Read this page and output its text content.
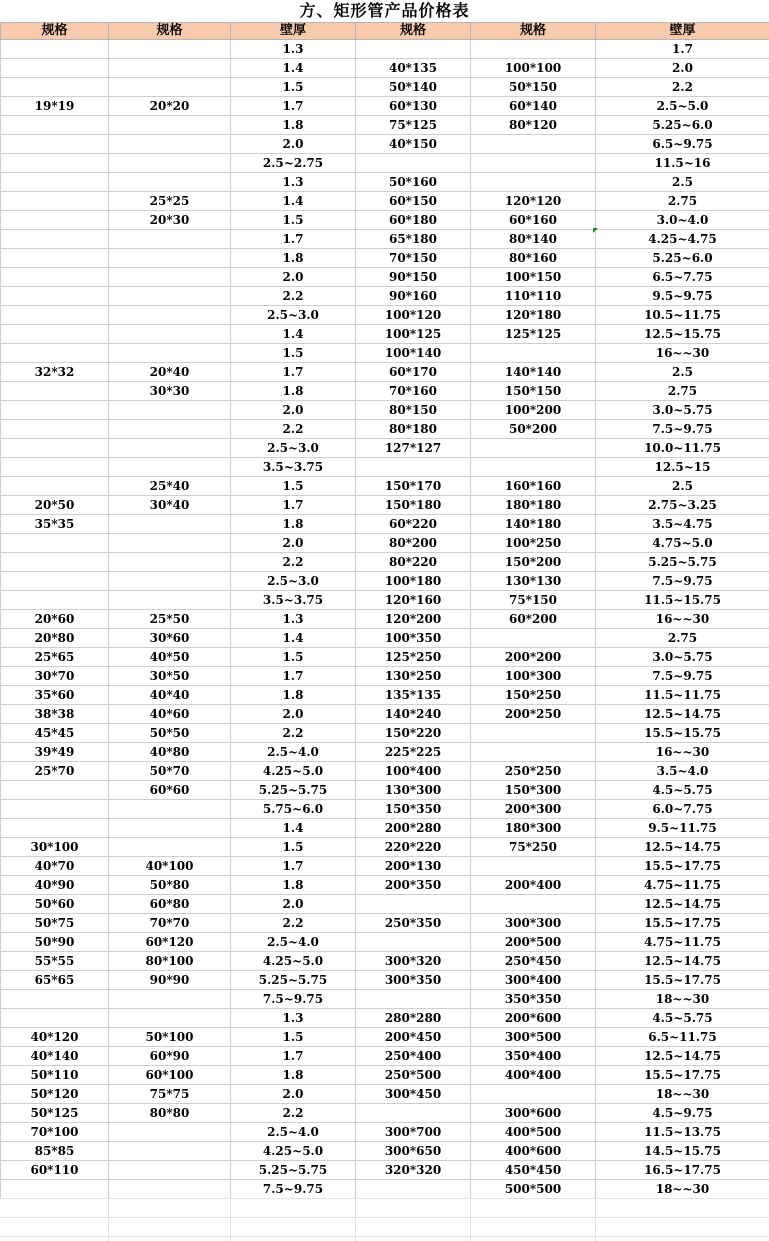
方、矩形管产品价格表
规格	规格	壁厚	规格	规格	壁厚
		1.3			1.7
		1.4	40*135	100*100	2.0
		1.5	50*140	50*150	2.2
19*19	20*20	1.7	60*130	60*140	2.5~5.0
		1.8	75*125	80*120	5.25~6.0
		2.0	40*150		6.5~9.75
		2.5~2.75			11.5~16
		1.3	50*160		2.5
	25*25	1.4	60*150	120*120	2.75
	20*30	1.5	60*180	60*160	3.0~4.0
		1.7	65*180	80*140	4.25~4.75
		1.8	70*150	80*160	5.25~6.0
		2.0	90*150	100*150	6.5~7.75
		2.2	90*160	110*110	9.5~9.75
		2.5~3.0	100*120	120*180	10.5~11.75
		1.4	100*125	125*125	12.5~15.75
		1.5	100*140		16~~30
32*32	20*40	1.7	60*170	140*140	2.5
	30*30	1.8	70*160	150*150	2.75
		2.0	80*150	100*200	3.0~5.75
		2.2	80*180	50*200	7.5~9.75
		2.5~3.0	127*127		10.0~11.75
		3.5~3.75			12.5~15
	25*40	1.5	150*170	160*160	2.5
20*50	30*40	1.7	150*180	180*180	2.75~3.25
35*35		1.8	60*220	140*180	3.5~4.75
		2.0	80*200	100*250	4.75~5.0
		2.2	80*220	150*200	5.25~5.75
		2.5~3.0	100*180	130*130	7.5~9.75
		3.5~3.75	120*160	75*150	11.5~15.75
20*60	25*50	1.3	120*200	60*200	16~~30
20*80	30*60	1.4	100*350		2.75
25*65	40*50	1.5	125*250	200*200	3.0~5.75
30*70	30*50	1.7	130*250	100*300	7.5~9.75
35*60	40*40	1.8	135*135	150*250	11.5~11.75
38*38	40*60	2.0	140*240	200*250	12.5~14.75
45*45	50*50	2.2	150*220		15.5~15.75
39*49	40*80	2.5~4.0	225*225		16~~30
25*70	50*70	4.25~5.0	100*400	250*250	3.5~4.0
	60*60	5.25~5.75	130*300	150*300	4.5~5.75
		5.75~6.0	150*350	200*300	6.0~7.75
		1.4	200*280	180*300	9.5~11.75
30*100		1.5	220*220	75*250	12.5~14.75
40*70	40*100	1.7	200*130		15.5~17.75
40*90	50*80	1.8	200*350	200*400	4.75~11.75
50*60	60*80	2.0			12.5~14.75
50*75	70*70	2.2	250*350	300*300	15.5~17.75
50*90	60*120	2.5~4.0		200*500	4.75~11.75
55*55	80*100	4.25~5.0	300*320	250*450	12.5~14.75
65*65	90*90	5.25~5.75	300*350	300*400	15.5~17.75
		7.5~9.75		350*350	18~~30
		1.3	280*280	200*600	4.5~5.75
40*120	50*100	1.5	200*450	300*500	6.5~11.75
40*140	60*90	1.7	250*400	350*400	12.5~14.75
50*110	60*100	1.8	250*500	400*400	15.5~17.75
50*120	75*75	2.0	300*450		18~~30
50*125	80*80	2.2		300*600	4.5~9.75
70*100		2.5~4.0	300*700	400*500	11.5~13.75
85*85		4.25~5.0	300*650	400*600	14.5~15.75
60*110		5.25~5.75	320*320	450*450	16.5~17.75
		7.5~9.75		500*500	18~~30
